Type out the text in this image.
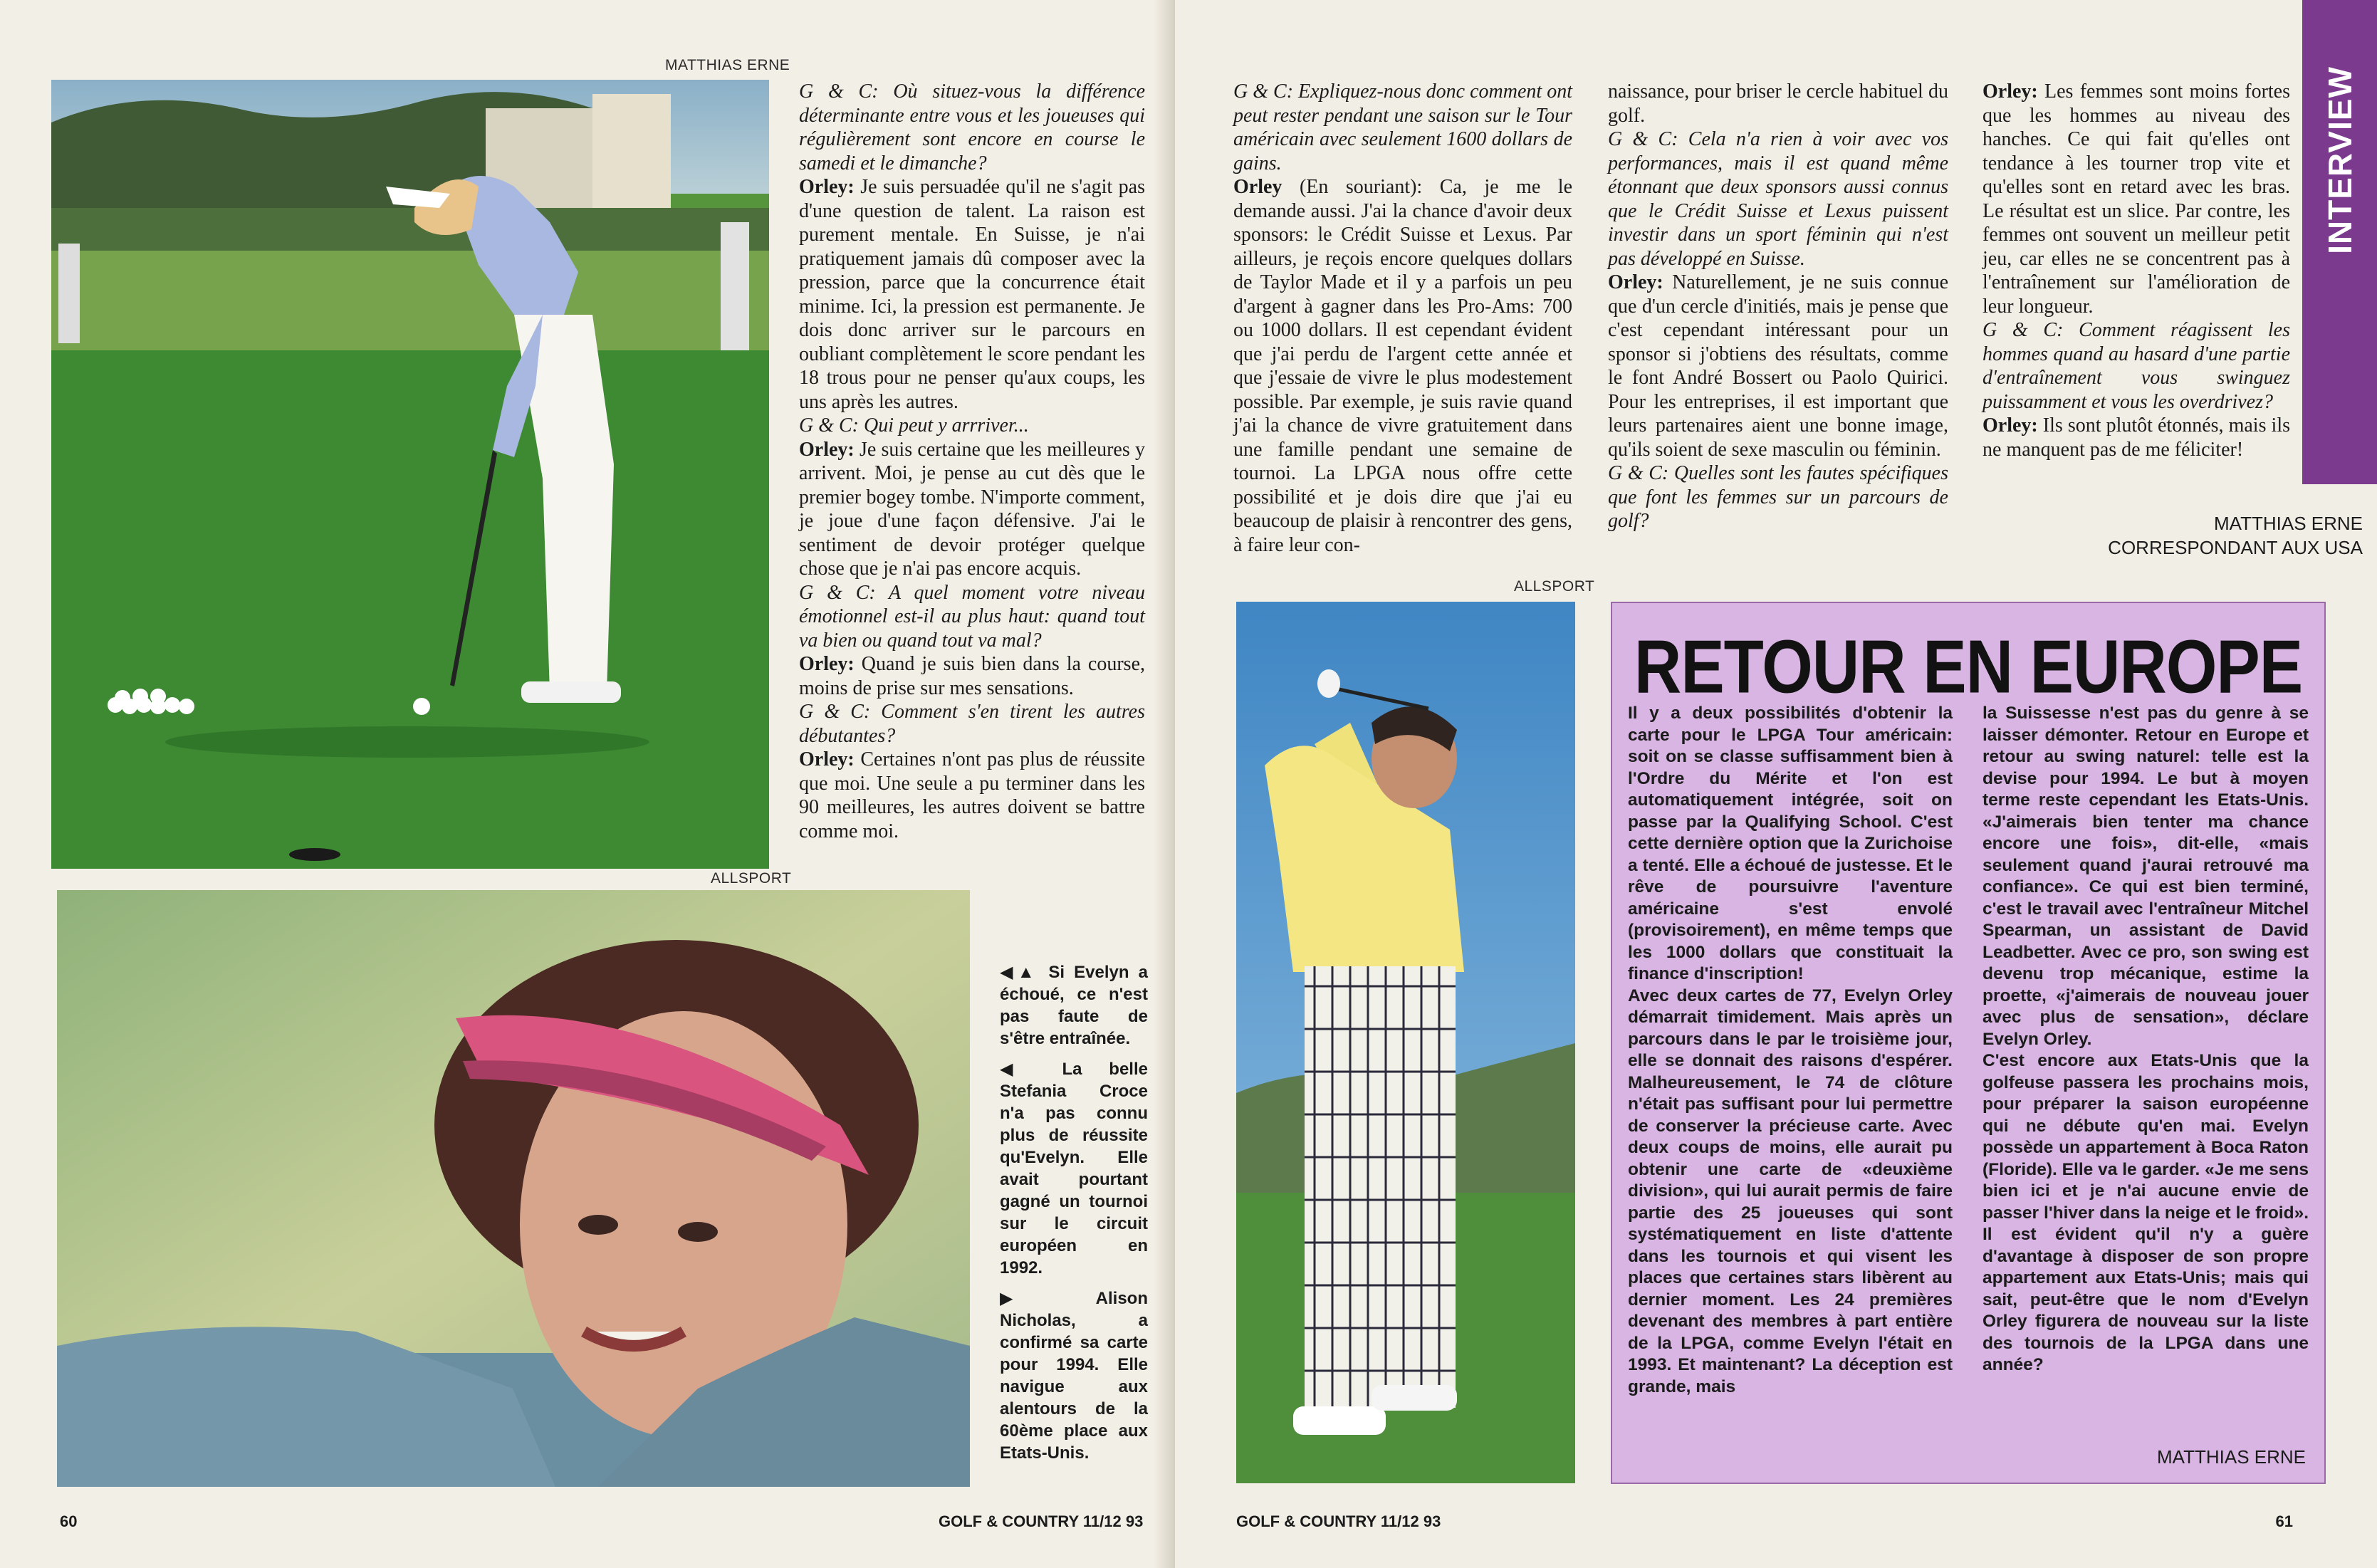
MATTHIAS ERNE
ALLSPORT

G & C: Où situez-vous la différence déterminante entre vous et les joueuses qui régulièrement sont encore en course le samedi et le dimanche?

Orley: Je suis persuadée qu'il ne s'agit pas d'une question de talent. La raison est purement mentale. En Suisse, je n'ai pratiquement jamais dû composer avec la pression, parce que la concurrence était minime. Ici, la pression est permanente. Je dois donc arriver sur le parcours en oubliant complètement le score pendant les 18 trous pour ne penser qu'aux coups, les uns après les autres.

G & C: Qui peut y arrriver...

Orley: Je suis certaine que les meilleures y arrivent. Moi, je pense au cut dès que le premier bogey tombe. N'importe comment, je joue d'une façon défensive. J'ai le sentiment de devoir protéger quelque chose que je n'ai pas encore acquis.

G & C: A quel moment votre niveau émotionnel est-il au plus haut: quand tout va bien ou quand tout va mal?

Orley: Quand je suis bien dans la course, moins de prise sur mes sensations.

G & C: Comment s'en tirent les autres débutantes?

Orley: Certaines n'ont pas plus de réussite que moi. Une seule a pu terminer dans les 90 meilleures, les autres doivent se battre comme moi.

◀▲ Si Evelyn a échoué, ce n'est pas faute de s'être entraînée.

◀ La belle Stefania Croce n'a pas connu plus de réussite qu'Evelyn. Elle avait pourtant gagné un tournoi sur le circuit européen en 1992.

▶ Alison Nicholas, a confirmé sa carte pour 1994. Elle navigue aux alentours de la 60ème place aux Etats-Unis.

60	GOLF & COUNTRY 11/12 93
INTERVIEW

G & C: Expliquez-nous donc comment ont peut rester pendant une saison sur le Tour américain avec seulement 1600 dollars de gains.

Orley (En souriant): Ca, je me le demande aussi. J'ai la chance d'avoir deux sponsors: le Crédit Suisse et Lexus. Par ailleurs, je reçois encore quelques dollars de Taylor Made et il y a parfois un peu d'argent à gagner dans les Pro-Ams: 700 ou 1000 dollars. Il est cependant évident que j'ai perdu de l'argent cette année et que j'essaie de vivre le plus modestement possible. Par exemple, je suis ravie quand j'ai la chance de vivre gratuitement dans une famille pendant une semaine de tournoi. La LPGA nous offre cette possibilité et je dois dire que j'ai eu beaucoup de plaisir à rencontrer des gens, à faire leur con-

naissance, pour briser le cercle habituel du golf.

G & C: Cela n'a rien à voir avec vos performances, mais il est quand même étonnant que deux sponsors aussi connus que le Crédit Suisse et Lexus puissent investir dans un sport féminin qui n'est pas développé en Suisse.

Orley: Naturellement, je ne suis connue que d'un cercle d'initiés, mais je pense que c'est cependant intéressant pour un sponsor si j'obtiens des résultats, comme le font André Bossert ou Paolo Quirici. Pour les entreprises, il est important que leurs partenaires aient une bonne image, qu'ils soient de sexe masculin ou féminin.

G & C: Quelles sont les fautes spécifiques que font les femmes sur un parcours de golf?

Orley: Les femmes sont moins fortes que les hommes au niveau des hanches. Ce qui fait qu'elles ont tendance à les tourner trop vite et qu'elles sont en retard avec les bras. Le résultat est un slice. Par contre, les femmes ont souvent un meilleur petit jeu, car elles ne se concentrent pas à l'entraînement sur l'amélioration de leur longueur.

G & C: Comment réagissent les hommes quand au hasard d'une partie d'entraînement vous swinguez puissamment et vous les overdrivez?

Orley: Ils sont plutôt étonnés, mais ils ne manquent pas de me féliciter!

MATTHIAS ERNE
CORRESPONDANT AUX USA
ALLSPORT
RETOUR EN EUROPE

Il y a deux possibilités d'obtenir la carte pour le LPGA Tour américain: soit on se classe suffisamment bien à l'Ordre du Mérite et l'on est automatiquement intégrée, soit on passe par la Qualifying School. C'est cette dernière option que la Zurichoise a tenté. Elle a échoué de justesse. Et le rêve de poursuivre l'aventure américaine s'est envolé (provisoirement), en même temps que les 1000 dollars que constituait la finance d'inscription!

Avec deux cartes de 77, Evelyn Orley démarrait timidement. Mais après un parcours dans le par le troisième jour, elle se donnait des raisons d'espérer. Malheureusement, le 74 de clôture n'était pas suffisant pour lui permettre de conserver la précieuse carte. Avec deux coups de moins, elle aurait pu obtenir une carte de «deuxième division», qui lui aurait permis de faire partie des 25 joueuses qui sont systématiquement en liste d'attente dans les tournois et qui visent les places que certaines stars libèrent au dernier moment. Les 24 premières devenant des membres à part entière de la LPGA, comme Evelyn l'était en 1993. Et maintenant? La déception est grande, mais

la Suissesse n'est pas du genre à se laisser démonter. Retour en Europe et retour au swing naturel: telle est la devise pour 1994. Le but à moyen terme reste cependant les Etats-Unis. «J'aimerais bien tenter ma chance encore une fois», dit-elle, «mais seulement quand j'aurai retrouvé ma confiance». Ce qui est bien terminé, c'est le travail avec l'entraîneur Mitchel Spearman, un assistant de David Leadbetter. Avec ce pro, son swing est devenu trop mécanique, estime la proette, «j'aimerais de nouveau jouer avec plus de sensation», déclare Evelyn Orley.

C'est encore aux Etats-Unis que la golfeuse passera les prochains mois, pour préparer la saison européenne qui ne débute qu'en mai. Evelyn possède un appartement à Boca Raton (Floride). Elle va le garder. «Je me sens bien ici et je n'ai aucune envie de passer l'hiver dans la neige et le froid». Il est évident qu'il n'y a guère d'avantage à disposer de son propre appartement aux Etats-Unis; mais qui sait, peut-être que le nom d'Evelyn Orley figurera de nouveau sur la liste des tournois de la LPGA dans une année?

MATTHIAS ERNE
GOLF & COUNTRY 11/12 93	61
